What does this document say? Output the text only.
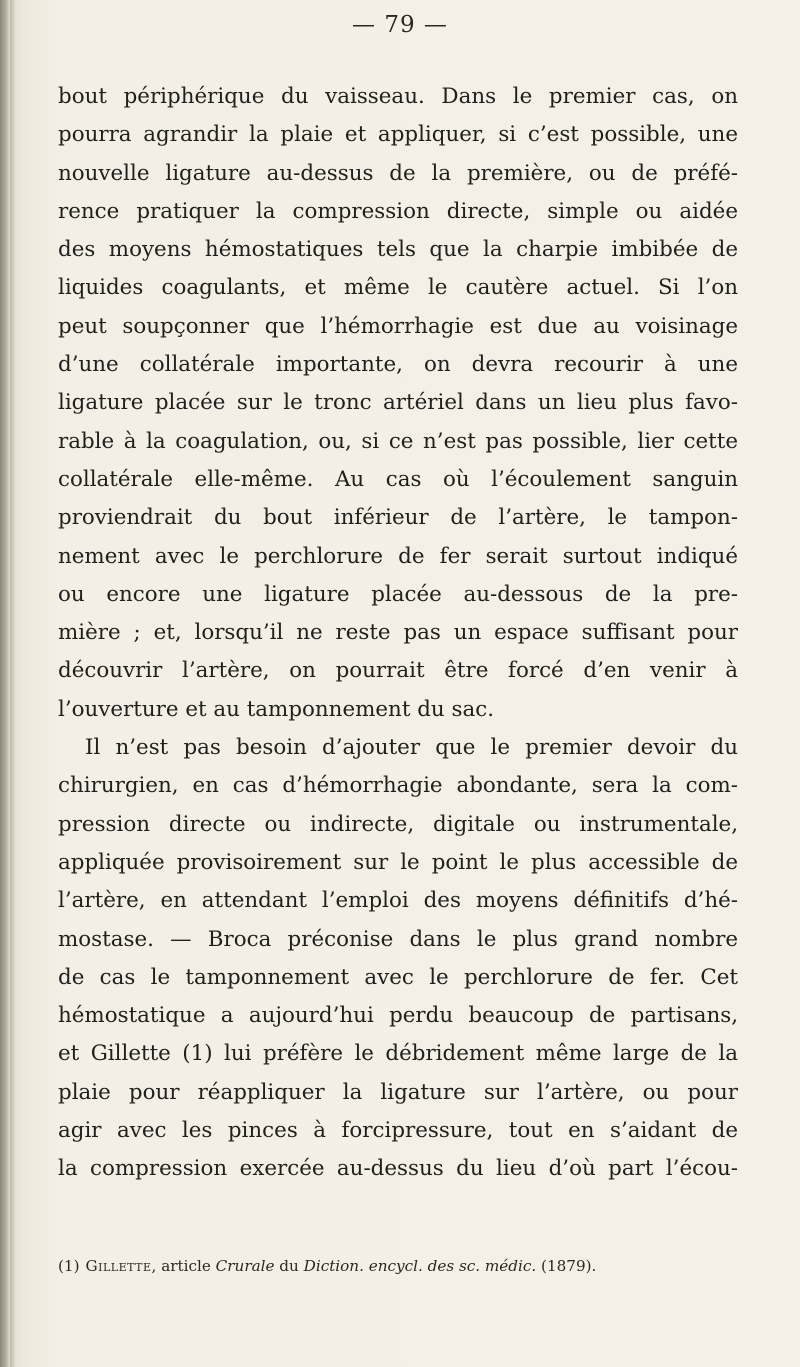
— 79 —
bout périphérique du vaisseau. Dans le premier cas, on
pourra agrandir la plaie et appliquer, si c’est possible, une
nouvelle ligature au-dessus de la première, ou de préfé-
rence pratiquer la compression directe, simple ou aidée
des moyens hémostatiques tels que la charpie imbibée de
liquides coagulants, et même le cautère actuel. Si l’on
peut soupçonner que l’hémorrhagie est due au voisinage
d’une collatérale importante, on devra recourir à une
ligature placée sur le tronc artériel dans un lieu plus favo-
rable à la coagulation, ou, si ce n’est pas possible, lier cette
collatérale elle-même. Au cas où l’écoulement sanguin
proviendrait du bout inférieur de l’artère, le tampon-
nement avec le perchlorure de fer serait surtout indiqué
ou encore une ligature placée au-dessous de la pre-
mière ; et, lorsqu’il ne reste pas un espace suffisant pour
découvrir l’artère, on pourrait être forcé d’en venir à
l’ouverture et au tamponnement du sac.
Il n’est pas besoin d’ajouter que le premier devoir du
chirurgien, en cas d’hémorrhagie abondante, sera la com-
pression directe ou indirecte, digitale ou instrumentale,
appliquée provisoirement sur le point le plus accessible de
l’artère, en attendant l’emploi des moyens définitifs d’hé-
mostase. — Broca préconise dans le plus grand nombre
de cas le tamponnement avec le perchlorure de fer. Cet
hémostatique a aujourd’hui perdu beaucoup de partisans,
et Gillette (1) lui préfère le débridement même large de la
plaie pour réappliquer la ligature sur l’artère, ou pour
agir avec les pinces à forcipressure, tout en s’aidant de
la compression exercée au-dessus du lieu d’où part l’écou-
(1) Gillette, article Crurale du Diction. encycl. des sc. médic. (1879).
